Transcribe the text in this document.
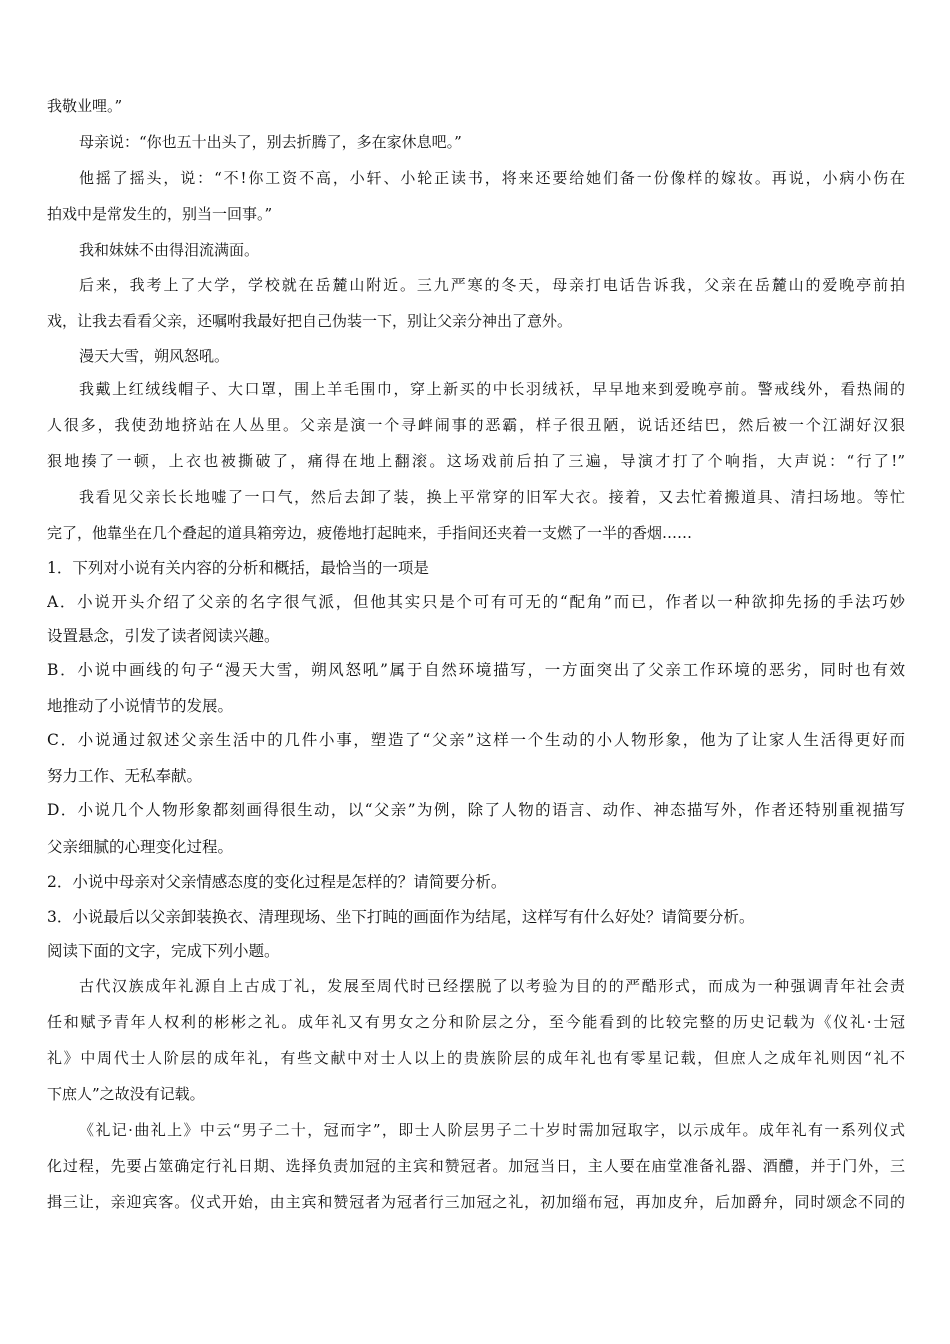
我敬业哩。”
母亲说：“你也五十出头了，别去折腾了，多在家休息吧。”
他摇了摇头，说：“不!你工资不高，小轩、小轮正读书，将来还要给她们备一份像样的嫁妆。再说，小病小伤在
拍戏中是常发生的，别当一回事。”
我和妹妹不由得泪流满面。
后来，我考上了大学，学校就在岳麓山附近。三九严寒的冬天，母亲打电话告诉我，父亲在岳麓山的爱晚亭前拍
戏，让我去看看父亲，还嘱咐我最好把自己伪装一下，别让父亲分神出了意外。
漫天大雪，朔风怒吼。
我戴上红绒线帽子、大口罩，围上羊毛围巾，穿上新买的中长羽绒袄，早早地来到爱晚亭前。警戒线外，看热闹的
人很多，我使劲地挤站在人丛里。父亲是演一个寻衅闹事的恶霸，样子很丑陋，说话还结巴，然后被一个江湖好汉狠
狠地揍了一顿，上衣也被撕破了，痛得在地上翻滚。这场戏前后拍了三遍，导演才打了个响指，大声说：“行了!”
我看见父亲长长地嘘了一口气，然后去卸了装，换上平常穿的旧军大衣。接着，又去忙着搬道具、清扫场地。等忙
完了，他靠坐在几个叠起的道具箱旁边，疲倦地打起盹来，手指间还夹着一支燃了一半的香烟……
1．下列对小说有关内容的分析和概括，最恰当的一项是
A．小说开头介绍了父亲的名字很气派，但他其实只是个可有可无的“配角”而已，作者以一种欲抑先扬的手法巧妙
设置悬念，引发了读者阅读兴趣。
B．小说中画线的句子“漫天大雪，朔风怒吼”属于自然环境描写，一方面突出了父亲工作环境的恶劣，同时也有效
地推动了小说情节的发展。
C．小说通过叙述父亲生活中的几件小事，塑造了“父亲”这样一个生动的小人物形象，他为了让家人生活得更好而
努力工作、无私奉献。
D．小说几个人物形象都刻画得很生动，以“父亲”为例，除了人物的语言、动作、神态描写外，作者还特别重视描写
父亲细腻的心理变化过程。
2．小说中母亲对父亲情感态度的变化过程是怎样的？请简要分析。
3．小说最后以父亲卸装换衣、清理现场、坐下打盹的画面作为结尾，这样写有什么好处？请简要分析。
阅读下面的文字，完成下列小题。
古代汉族成年礼源自上古成丁礼，发展至周代时已经摆脱了以考验为目的的严酷形式，而成为一种强调青年社会责
任和赋予青年人权利的彬彬之礼。成年礼又有男女之分和阶层之分，至今能看到的比较完整的历史记载为《仪礼·士冠
礼》中周代士人阶层的成年礼，有些文献中对士人以上的贵族阶层的成年礼也有零星记载，但庶人之成年礼则因“礼不
下庶人”之故没有记载。
《礼记·曲礼上》中云“男子二十，冠而字”，即士人阶层男子二十岁时需加冠取字，以示成年。成年礼有一系列仪式
化过程，先要占筮确定行礼日期、选择负责加冠的主宾和赞冠者。加冠当日，主人要在庙堂准备礼器、酒醴，并于门外，三
揖三让，亲迎宾客。仪式开始，由主宾和赞冠者为冠者行三加冠之礼，初加缁布冠，再加皮弁，后加爵弁，同时颂念不同的
